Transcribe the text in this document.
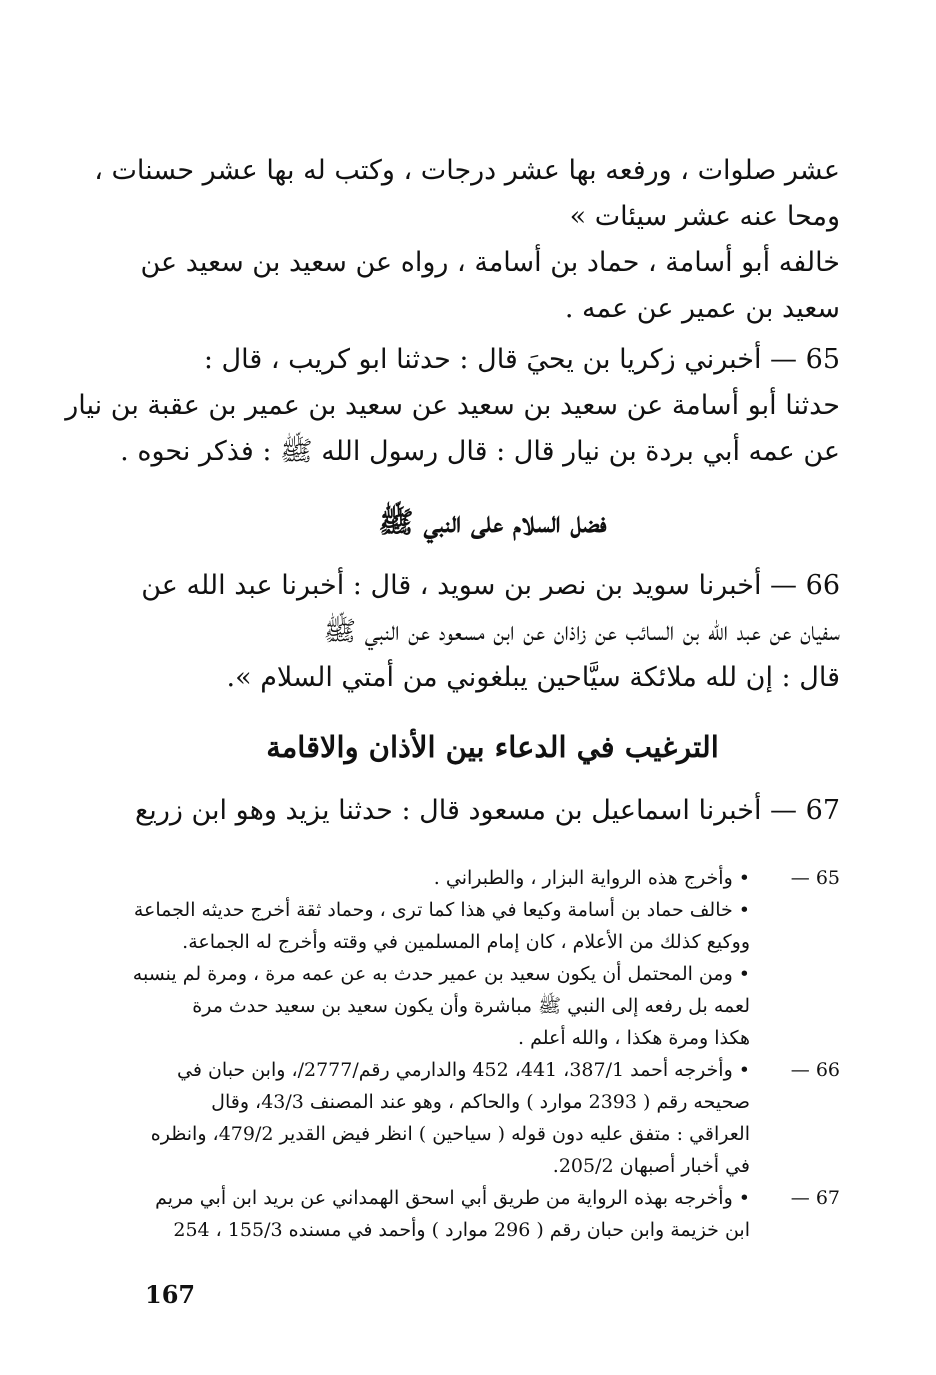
عشر صلوات ، ورفعه بها عشر درجات ، وكتب له بها عشر حسنات ،
ومحا عنه عشر سيئات »
خالفه أبو أسامة ، حماد بن أسامة ، رواه عن سعيد بن سعيد عن
سعيد بن عمير عن عمه .
65 — أخبرني زكريا بن يحيَ قال : حدثنا ابو كريب ، قال :
حدثنا أبو أسامة عن سعيد بن سعيد عن سعيد بن عمير بن عقبة بن نيار
عن عمه أبي بردة بن نيار قال : قال رسول الله ﷺ : فذكر نحوه .
فضل السلام على النبي ﷺ
66 — أخبرنا سويد بن نصر بن سويد ، قال : أخبرنا عبد الله عن
سفيان عن عبد الله بن السائب عن زاذان عن ابن مسعود عن النبي ﷺ
قال : إن لله ملائكة سيَّاحين يبلغوني من أمتي السلام ».
الترغيب في الدعاء بين الأذان والاقامة
67 — أخبرنا اسماعيل بن مسعود قال : حدثنا يزيد وهو ابن زريع
65 —
• وأخرج هذه الرواية البزار ، والطبراني .
• خالف حماد بن أسامة وكيعا في هذا كما ترى ، وحماد ثقة أخرج حديثه الجماعة
ووكيع كذلك من الأعلام ، كان إمام المسلمين في وقته وأخرج له الجماعة.
• ومن المحتمل أن يكون سعيد بن عمير حدث به عن عمه مرة ، ومرة لم ينسبه
لعمه بل رفعه إلى النبي ﷺ مباشرة وأن يكون سعيد بن سعيد حدث مرة
هكذا ومرة هكذا ، والله أعلم .
66 —
• وأخرجه أحمد 387/1، 441، 452 والدارمي رقم/2777/، وابن حبان في
صحيحه رقم ( 2393 موارد ) والحاكم ، وهو عند المصنف 43/3، وقال
العراقي : متفق عليه دون قوله ( سياحين ) انظر فيض القدير 479/2، وانظره
في أخبار أصبهان 205/2.
67 —
• وأخرجه بهذه الرواية من طريق أبي اسحق الهمداني عن بريد ابن أبي مريم
ابن خزيمة وابن حبان رقم ( 296 موارد ) وأحمد في مسنده 155/3 ، 254
167
